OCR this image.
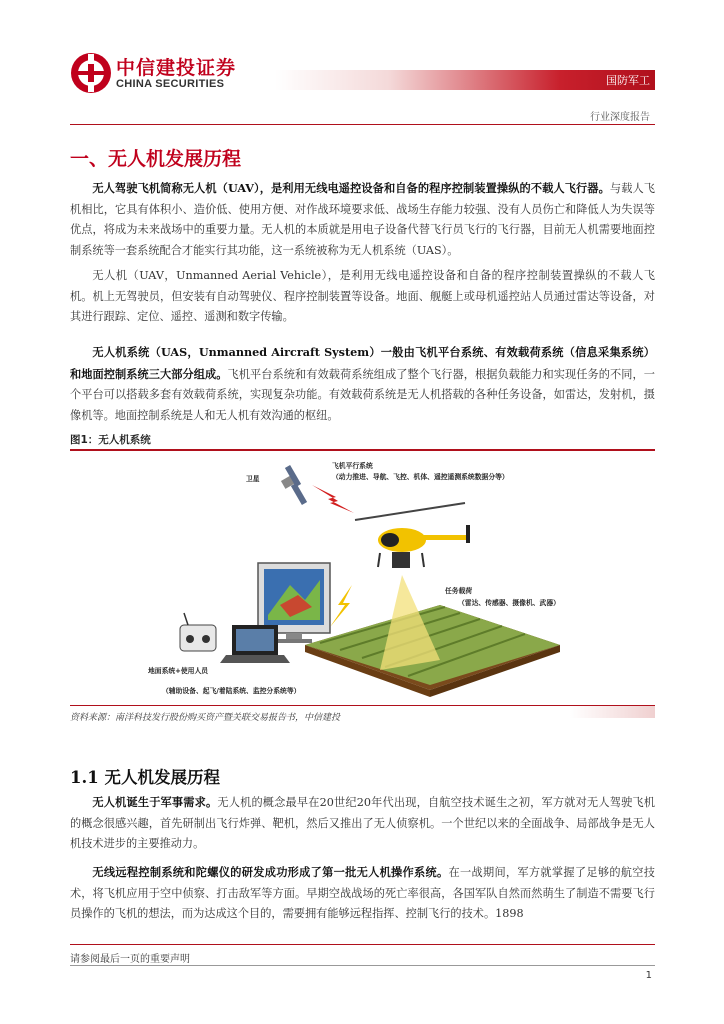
中信建投证券
CHINA SECURITIES	国防军工
行业深度报告
一、无人机发展历程

无人驾驶飞机简称无人机（UAV），是利用无线电遥控设备和自备的程序控制装置操纵的不载人飞行器。与载人飞机相比，它具有体积小、造价低、使用方便、对作战环境要求低、战场生存能力较强、没有人员伤亡和降低人为失误等优点，将成为未来战场中的重要力量。无人机的本质就是用电子设备代替飞行员飞行的飞行器，目前无人机需要地面控制系统等一套系统配合才能实行其功能，这一系统被称为无人机系统（UAS）。

无人机（UAV，Unmanned Aerial Vehicle），是利用无线电遥控设备和自备的程序控制装置操纵的不载人飞机。机上无驾驶员，但安装有自动驾驶仪、程序控制装置等设备。地面、舰艇上或母机遥控站人员通过雷达等设备，对其进行跟踪、定位、遥控、遥测和数字传输。

无人机系统（UAS，Unmanned Aircraft System）一般由飞机平台系统、有效载荷系统（信息采集系统）和地面控制系统三大部分组成。飞机平台系统和有效载荷系统组成了整个飞行器，根据负载能力和实现任务的不同，一个平台可以搭载多套有效载荷系统，实现复杂功能。有效载荷系统是无人机搭载的各种任务设备，如雷达，发射机，摄像机等。地面控制系统是人和无人机有效沟通的枢纽。

图1：无人机系统
卫星
飞机平行系统
（动力推进、导航、飞控、机体、遥控遥测系统数据分等）
任务载荷
（雷达、传感器、摄像机、武器）
地面系统+使用人员
（辅助设备、起飞/着陆系统、监控分系统等）
资料来源：南洋科技发行股份购买资产暨关联交易报告书，中信建投
1.1 无人机发展历程

无人机诞生于军事需求。无人机的概念最早在20世纪20年代出现，自航空技术诞生之初，军方就对无人驾驶飞机的概念很感兴趣，首先研制出飞行炸弹、靶机，然后又推出了无人侦察机。一个世纪以来的全面战争、局部战争是无人机技术进步的主要推动力。

无线远程控制系统和陀螺仪的研发成功形成了第一批无人机操作系统。在一战期间，军方就掌握了足够的航空技术，将飞机应用于空中侦察、打击敌军等方面。早期空战战场的死亡率很高，各国军队自然而然萌生了制造不需要飞行员操作的飞机的想法，而为达成这个目的，需要拥有能够远程指挥、控制飞行的技术。1898

请参阅最后一页的重要声明
1
